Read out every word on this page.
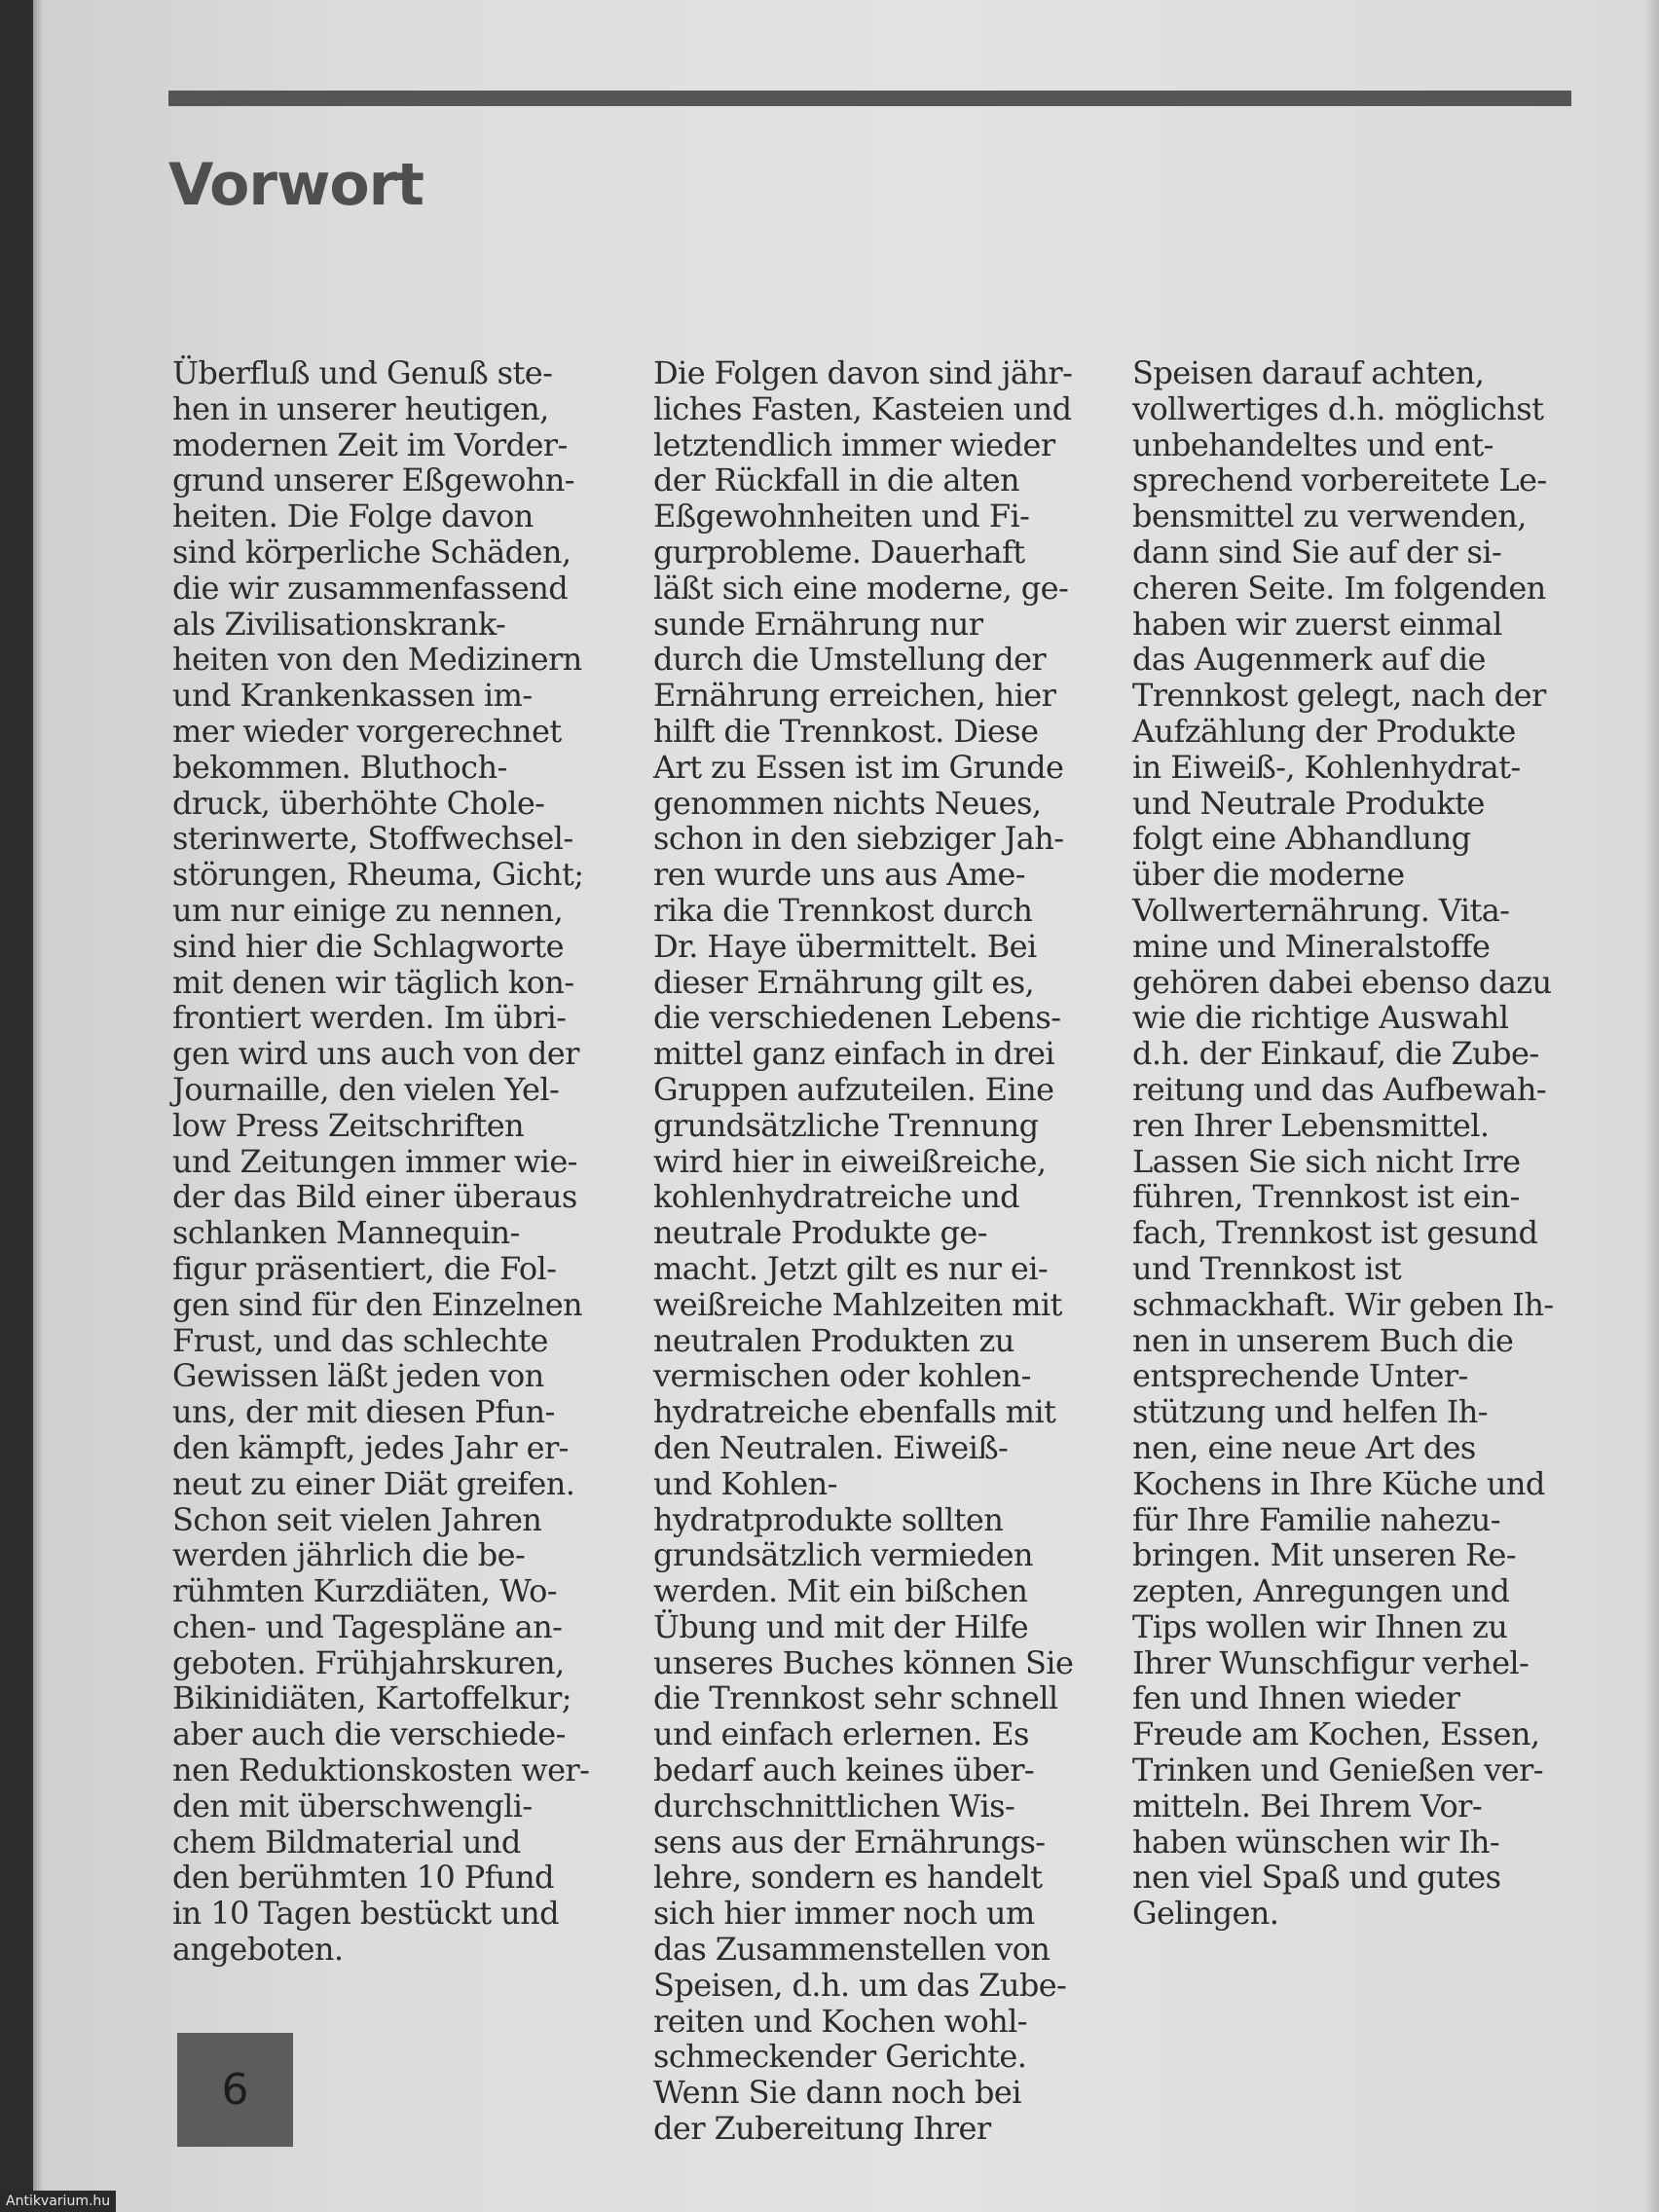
Vorwort
Überfluß und Genuß ste-
hen in unserer heutigen,
modernen Zeit im Vorder-
grund unserer Eßgewohn-
heiten. Die Folge davon
sind körperliche Schäden,
die wir zusammenfassend
als Zivilisationskrank-
heiten von den Medizinern
und Krankenkassen im-
mer wieder vorgerechnet
bekommen. Bluthoch-
druck, überhöhte Chole-
sterinwerte, Stoffwechsel-
störungen, Rheuma, Gicht;
um nur einige zu nennen,
sind hier die Schlagworte
mit denen wir täglich kon-
frontiert werden. Im übri-
gen wird uns auch von der
Journaille, den vielen Yel-
low Press Zeitschriften
und Zeitungen immer wie-
der das Bild einer überaus
schlanken Mannequin-
figur präsentiert, die Fol-
gen sind für den Einzelnen
Frust, und das schlechte
Gewissen läßt jeden von
uns, der mit diesen Pfun-
den kämpft, jedes Jahr er-
neut zu einer Diät greifen.
Schon seit vielen Jahren
werden jährlich die be-
rühmten Kurzdiäten, Wo-
chen- und Tagespläne an-
geboten. Frühjahrskuren,
Bikinidiäten, Kartoffelkur;
aber auch die verschiede-
nen Reduktionskosten wer-
den mit überschwengli-
chem Bildmaterial und
den berühmten 10 Pfund
in 10 Tagen bestückt und
angeboten.
Die Folgen davon sind jähr-
liches Fasten, Kasteien und
letztendlich immer wieder
der Rückfall in die alten
Eßgewohnheiten und Fi-
gurprobleme. Dauerhaft
läßt sich eine moderne, ge-
sunde Ernährung nur
durch die Umstellung der
Ernährung erreichen, hier
hilft die Trennkost. Diese
Art zu Essen ist im Grunde
genommen nichts Neues,
schon in den siebziger Jah-
ren wurde uns aus Ame-
rika die Trennkost durch
Dr. Haye übermittelt. Bei
dieser Ernährung gilt es,
die verschiedenen Lebens-
mittel ganz einfach in drei
Gruppen aufzuteilen. Eine
grundsätzliche Trennung
wird hier in eiweißreiche,
kohlenhydratreiche und
neutrale Produkte ge-
macht. Jetzt gilt es nur ei-
weißreiche Mahlzeiten mit
neutralen Produkten zu
vermischen oder kohlen-
hydratreiche ebenfalls mit
den Neutralen. Eiweiß-
und Kohlen-
hydratprodukte sollten
grundsätzlich vermieden
werden. Mit ein bißchen
Übung und mit der Hilfe
unseres Buches können Sie
die Trennkost sehr schnell
und einfach erlernen. Es
bedarf auch keines über-
durchschnittlichen Wis-
sens aus der Ernährungs-
lehre, sondern es handelt
sich hier immer noch um
das Zusammenstellen von
Speisen, d.h. um das Zube-
reiten und Kochen wohl-
schmeckender Gerichte.
Wenn Sie dann noch bei
der Zubereitung Ihrer
Speisen darauf achten,
vollwertiges d.h. möglichst
unbehandeltes und ent-
sprechend vorbereitete Le-
bensmittel zu verwenden,
dann sind Sie auf der si-
cheren Seite. Im folgenden
haben wir zuerst einmal
das Augenmerk auf die
Trennkost gelegt, nach der
Aufzählung der Produkte
in Eiweiß-, Kohlenhydrat-
und Neutrale Produkte
folgt eine Abhandlung
über die moderne
Vollwerternährung. Vita-
mine und Mineralstoffe
gehören dabei ebenso dazu
wie die richtige Auswahl
d.h. der Einkauf, die Zube-
reitung und das Aufbewah-
ren Ihrer Lebensmittel.
Lassen Sie sich nicht Irre
führen, Trennkost ist ein-
fach, Trennkost ist gesund
und Trennkost ist
schmackhaft. Wir geben Ih-
nen in unserem Buch die
entsprechende Unter-
stützung und helfen Ih-
nen, eine neue Art des
Kochens in Ihre Küche und
für Ihre Familie nahezu-
bringen. Mit unseren Re-
zepten, Anregungen und
Tips wollen wir Ihnen zu
Ihrer Wunschfigur verhel-
fen und Ihnen wieder
Freude am Kochen, Essen,
Trinken und Genießen ver-
mitteln. Bei Ihrem Vor-
haben wünschen wir Ih-
nen viel Spaß und gutes
Gelingen.
6
Antikvarium.hu
